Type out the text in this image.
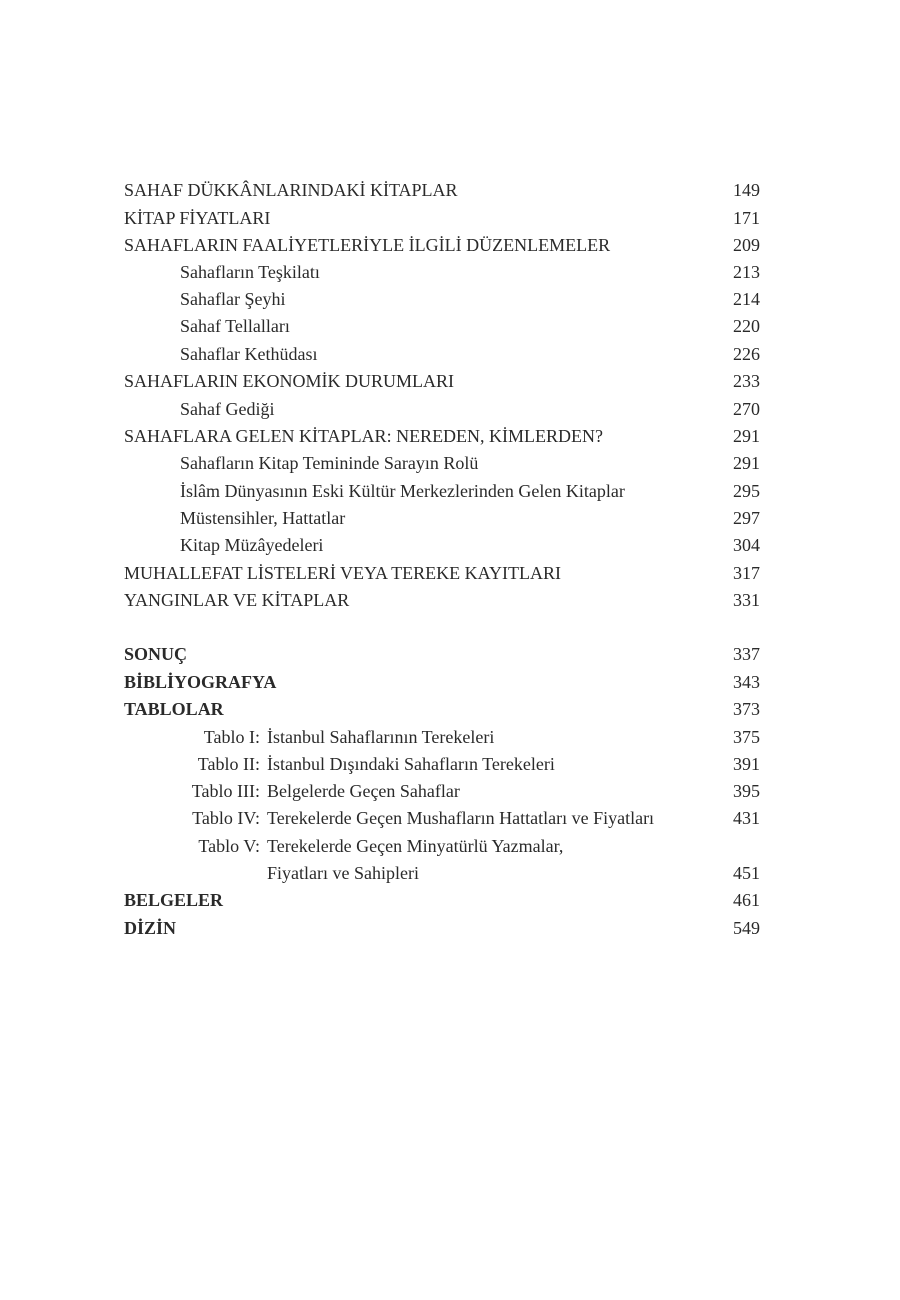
SAHAF DÜKKÂNLARINDAKİ KİTAPLAR	149
KİTAP FİYATLARI	171
SAHAFLARIN FAALİYETLERİYLE İLGİLİ DÜZENLEMELER	209
Sahafların Teşkilatı	213
Sahaflar Şeyhi	214
Sahaf Tellalları	220
Sahaflar Kethüdası	226
SAHAFLARIN EKONOMİK DURUMLARI	233
Sahaf Gediği	270
SAHAFLARA GELEN KİTAPLAR: NEREDEN, KİMLERDEN?	291
Sahafların Kitap Temininde Sarayın Rolü	291
İslâm Dünyasının Eski Kültür Merkezlerinden Gelen Kitaplar	295
Müstensihler, Hattatlar	297
Kitap Müzâyedeleri	304
MUHALLEFAT LİSTELERİ VEYA TEREKE KAYITLARI	317
YANGINLAR VE KİTAPLAR	331
SONUÇ	337
BİBLİYOGRAFYA	343
TABLOLAR	373
Tablo I: İstanbul Sahaflarının Terekeleri	375
Tablo II: İstanbul Dışındaki Sahafların Terekeleri	391
Tablo III: Belgelerde Geçen Sahaflar	395
Tablo IV: Terekelerde Geçen Mushafların Hattatları ve Fiyatları	431
Tablo V: Terekelerde Geçen Minyatürlü Yazmalar,
Fiyatları ve Sahipleri	451
BELGELER	461
DİZİN	549
